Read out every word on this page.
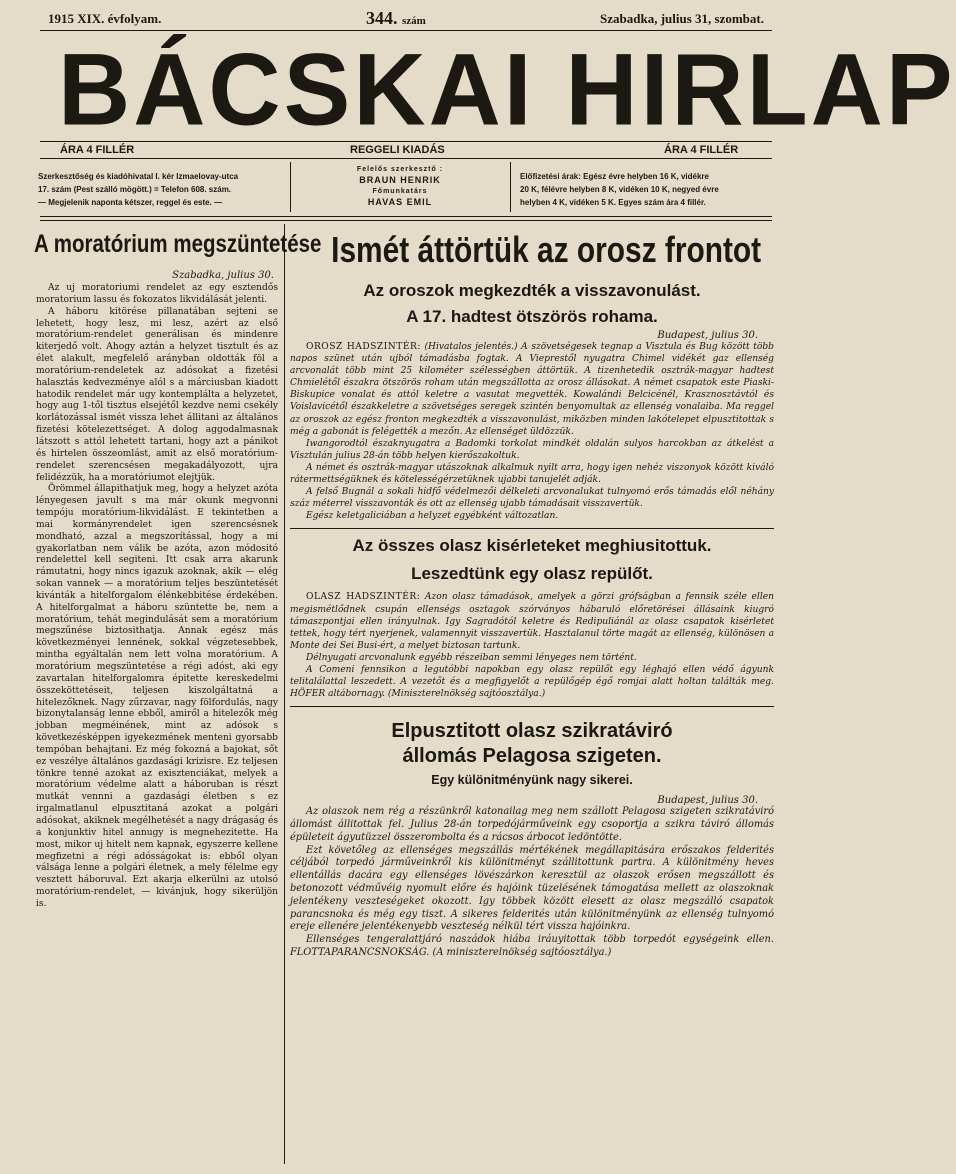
1915 XIX. évfolyam.	344. szám	Szabadka, julius 31, szombat.
BÁCSKAI HIRLAP
ÁRA 4 FILLÉR	REGGELI KIADÁS	ÁRA 4 FILLÉR
Szerkesztőség és kiadóhivatal I. kér Izmaelovay-utca
17. szám (Pest szálló mögött.) = Telefon 608. szám.
— Megjelenik naponta kétszer, reggel és este. —
Felelős szerkesztő :
BRAUN HENRIK
Főmunkatárs
HAVAS EMIL
Előfizetési árak: Egész évre helyben 16 K, vidékre
20 K, félévre helyben 8 K, vidéken 10 K, negyed évre
helyben 4 K, vidéken 5 K. Egyes szám ára 4 fillér.
A moratórium megszüntetése
Szabadka, julius 30.

Az uj moratoriumi rendelet az egy esztendős moratorium lassu és fokozatos likvidálását jelenti.

A háboru kitörése pillanatában sejteni se lehetett, hogy lesz, mi lesz, azért az első moratórium-rendelet generálisan és mindenre kiterjedő volt. Ahogy aztán a helyzet tisztult és az élet alakult, megfelelő arányban oldották föl a moratórium-rendeletek az adósokat a fizetési halasztás kedvezménye alól s a márciusban kiadott hatodik rendelet már ugy kontemplálta a helyzetet, hogy aug 1-től tisztus elsejétől kezdve nemi csekély korlátozással ismét vissza lehet állitani az általános fizetési kötelezettséget. A dolog aggodalmasnak látszott s attól lehetett tartani, hogy azt a pánikot és hirtelen összeomlást, amit az első moratórium-rendelet szerencsésen megakadályozott, ujra felidézzük, ha a moratóriumot elejtjük.

Örömmel állapithatjuk meg, hogy a helyzet azóta lényegesen javult s ma már okunk megvonni tempóju moratórium-likvidálást. E tekintetben a mai kormányrendelet igen szerencsésnek mondható, azzal a megszorítással, hogy a mi gyakorlatban nem válik be azóta, azon módositó rendelettel kell segiteni. Itt csak arra akarunk rámutatni, hogy nincs igazuk azoknak, akik — elég sokan vannek — a moratórium teljes beszüntetését kivánták a hitelforgalom élénkebbitése érdekében. A hitelforgalmat a háboru szüntette be, nem a moratórium, tehát megindulását sem a moratórium megszűnése biztosithatja. Annak egész más következményei lennének, sokkal végzetesebbek, mintha egyáltalán nem lett volna moratórium. A moratórium megszüntetése a régi adóst, aki egy zavartalan hitelforgalomra épitette kereskedelmi összeköttetéseit, teljesen kiszolgáltatná a hitelezőknek. Nagy zűrzavar, nagy fölfordulás, nagy bizonytalanság lenne ebből, amiről a hitelezők még jobban megméinének, mint az adósok s következésképpen igyekezmének menteni gyorsabb tempóban behajtani. Ez még fokozná a bajokat, sőt ez veszélye általános gazdasági krizisre. Ez teljesen tönkre tenné azokat az exisztenciákat, melyek a moratórium védelme alatt a háboruban is részt mutkát vennni a gazdasági életben s ez irgalmatlanul elpusztitaná azokat a polgári adósokat, akiknek megélhetését a nagy drágaság és a konjunktiv hitel annugy is megnehezitette. Ha most, mikor uj hitelt nem kapnak, egyszerre kellene megfizetni a régi adósságokat is: ebből olyan válsága lenne a polgári életnek, a mely félelme egy vesztett háboruval. Ezt akarja elkerülni az utolsó moratórium-rendelet, — kivánjuk, hogy sikerüljön is.

Ismét áttörtük az orosz frontot
Az oroszok megkezdték a visszavonulást.
A 17. hadtest ötszörös rohama.
Budapest, julius 30.

OROSZ HADSZINTÉR: (Hivatalos jelentés.) A szövetségesek tegnap a Visztula és Bug között több napos szünet után ujból támadásba fogtak. A Vieprestől nyugatra Chimel vidékét gaz ellenség arcvonalát több mint 25 kilométer szélességben áttörtük. A tizenhetedik osztrák-magyar hadtest Chmielétől északra ötszörös roham után megszállotta az orosz állásokat. A német csapatok este Piaski-Biskupice vonalat és attól keletre a vasutat megvették. Kowalándi Belcicénél, Krasznosztávtól és Voislavicétől északkeletre a szövetséges seregek szintén benyomultak az ellenség vonalaiba. Ma reggel az oroszok az egész fronton megkezdték a visszavonulást, miközben minden lakótelepet elpusztitottak s még a gabonát is felégették a mezőn. Az ellenséget üldözzük.

Iwangorodtól északnyugatra a Badomki torkolat mindkét oldalán sulyos harcokban az átkelést a Visztulán julius 28-án több helyen kierőszakoltuk.

A német és osztrák-magyar utászoknak alkalmuk nyilt arra, hogy igen nehéz viszonyok között kiváló rátermettségüknek és kötelességérzetüknek ujabbi tanujelét adják.

A felső Bugnál a sokali hidfő védelmezői délkeleti arcvonalukat tulnyomó erős támadás elől néhány száz méterrel visszavonták és ott az ellenség ujabb támadásait visszavertük.

Egész keletgaliciában a helyzet egyébként változatlan.

Az összes olasz kisérleteket meghiusitottuk.
Leszedtünk egy olasz repülőt.

OLASZ HADSZINTÉR: Azon olasz támadások, amelyek a görzi grófságban a fennsik széle ellen megismétlődnek csupán ellenségs osztagok szórványos hábaruló előretörései állásaink kiugró támaszpontjai ellen irányulnak. Igy Sagradótól keletre és Redipuliánál az olasz csapatok kisérletet tettek, hogy tért nyerjenek, valamennyit visszavertük. Hasztalanul törte magát az ellenség, különösen a Monte dei Sei Busi-ért, a melyet biztosan tartunk.

Délnyugati arcvonalunk egyébb részeiban semmi lényeges nem történt.

A Comeni fennsikon a legutóbbi napokban egy olasz repülőt egy léghajó ellen védő ágyunk telitalálattal leszedett. A vezetőt és a megfigyelőt a repülőgép égő romjai alatt holtan találták meg. HÖFER altábornagy. (Miniszterelnökség sajtóosztálya.)

Elpusztitott olasz szikratáviró
állomás Pelagosa szigeten.
Egy különitményünk nagy sikerei.
Budapest, julius 30.

Az olaszok nem rég a részünkről katonailag meg nem szállott Pelagosa szigeten szikratáviró állomást állitottak fel. Julius 28-án torpedójárműveink egy csoportja a szikra táviró állomás épületeit ágyutüzzel összerombolta és a rácsos árbocot ledöntötte.

Ezt követőleg az ellenséges megszállás mértékének megállapitására erőszakos felderités céljából torpedó járműveinkről kis különitményt szállitottunk partra. A különitmény heves ellentállás dacára egy ellenséges lövészárkon keresztül az olaszok erősen megszállott és betonozott védművéig nyomult előre és hajóink tüzelésének támogatása mellett az olaszoknak jelentékeny veszteségeket okozott. Igy többek között elesett az olasz megszálló csapatok parancsnoka és még egy tiszt. A sikeres felderités után különitményünk az ellenség tulnyomó ereje ellenére jelentékenyebb veszteség nélkül tért vissza hajóinkra.

Ellenséges tengeralattjáró naszádok hiába iráuyitottak több torpedót egységeink ellen. FLOTTAPARANCSNOKSÁG. (A miniszterelnökség sajtóosztálya.)
